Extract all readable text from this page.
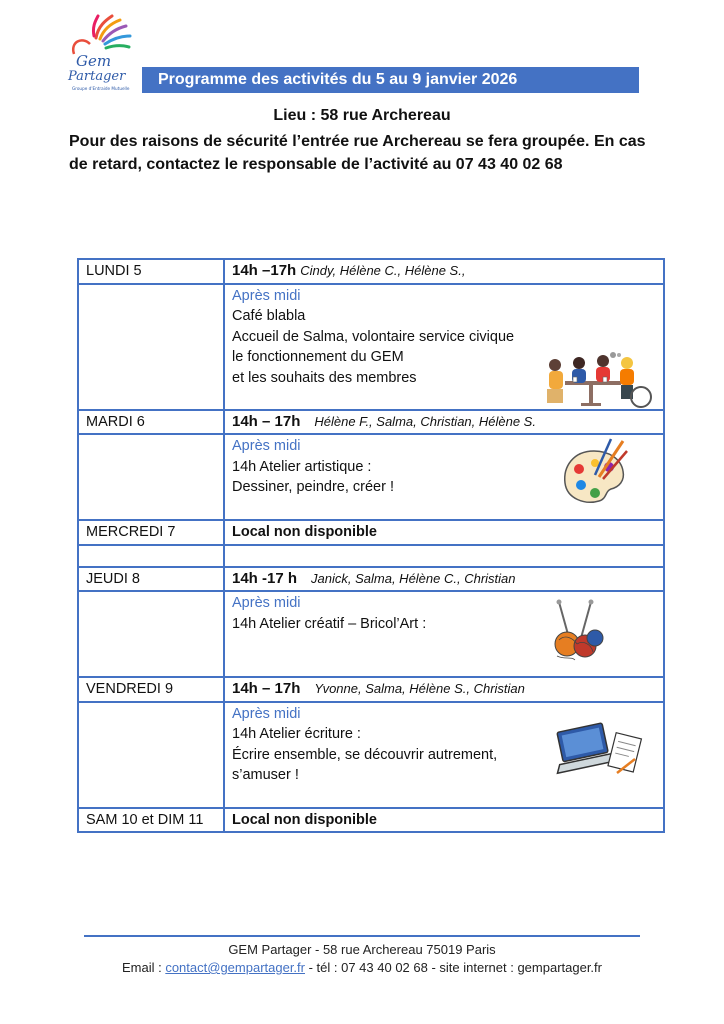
Gem
Partager
Groupe d'Entraide Mutuelle
Programme des activités du 5 au 9 janvier 2026
Lieu : 58 rue Archereau
Pour des raisons de sécurité l’entrée rue Archereau se fera groupée. En cas de retard, contactez le responsable de l’activité au 07 43 40 02 68
LUNDI 5	14h –17h Cindy, Hélène C., Hélène S.,

	Après midi
Café blabla
Accueil de Salma, volontaire service civique
le fonctionnement du GEM
et les souhaits des membres

MARDI 6	14h – 17h Hélène F., Salma, Christian, Hélène S.

	Après midi
14h Atelier artistique :
Dessiner, peindre, créer !

MERCREDI 7	Local non disponible

JEUDI 8	14h -17 h Janick, Salma, Hélène C., Christian

	Après midi
14h Atelier créatif – Bricol’Art :

VENDREDI 9	14h – 17h Yvonne, Salma, Hélène S., Christian

	Après midi
14h Atelier écriture :
Écrire ensemble, se découvrir autrement,
s’amuser !

SAM 10 et DIM 11	Local non disponible
GEM Partager - 58 rue Archereau 75019 Paris
Email : contact@gempartager.fr - tél : 07 43 40 02 68 - site internet : gempartager.fr
